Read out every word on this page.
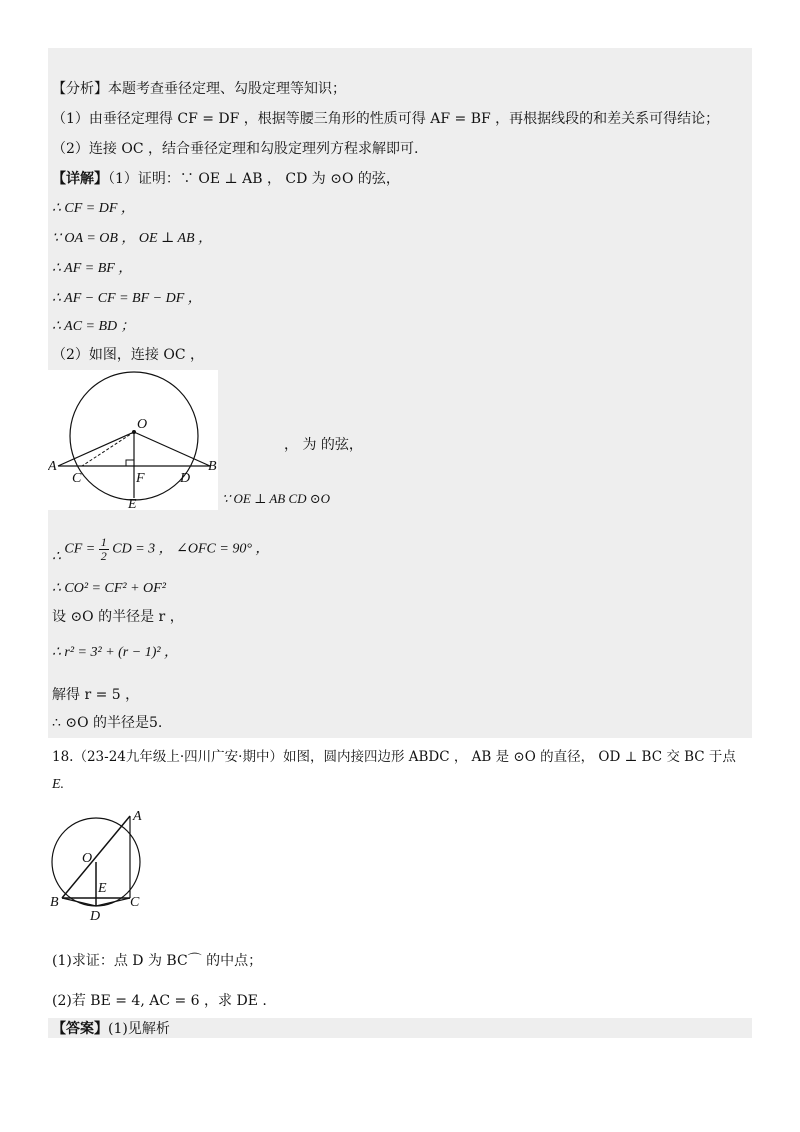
【分析】本题考查垂径定理、勾股定理等知识；
（1）由垂径定理得 CF = DF ，根据等腰三角形的性质可得 AF = BF ，再根据线段的和差关系可得结论；
（2）连接 OC ，结合垂径定理和勾股定理列方程求解即可.
【详解】（1）证明：∵ OE ⊥ AB ， CD 为 ⊙O 的弦，
∴ CF = DF ，
∵ OA = OB ， OE ⊥ AB ，
∴ AF = BF ，
∴ AF − CF = BF − DF ，
∴ AC = BD ；
（2）如图，连接 OC ，
O
A	B
C	F	D
E
， 为 的弦，
∵ OE ⊥ AB CD ⊙O
∴ CF = $\frac{1}{2}$ CD = 3 ， ∠OFC = 90° ，
∴ CO² = CF² + OF²
设 ⊙O 的半径是 r ，
∴ r² = 3² + (r − 1)² ，
解得 r = 5 ，
∴ ⊙O 的半径是5.
18.（23-24九年级上·四川广安·期中）如图，圆内接四边形 ABDC ， AB 是 ⊙O 的直径， OD ⊥ BC 交 BC 于点
E.
A
O
E
B	C
D
(1)求证：点 D 为 BC⌒ 的中点；
(2)若 BE = 4, AC = 6 ，求 DE .
【答案】(1)见解析
